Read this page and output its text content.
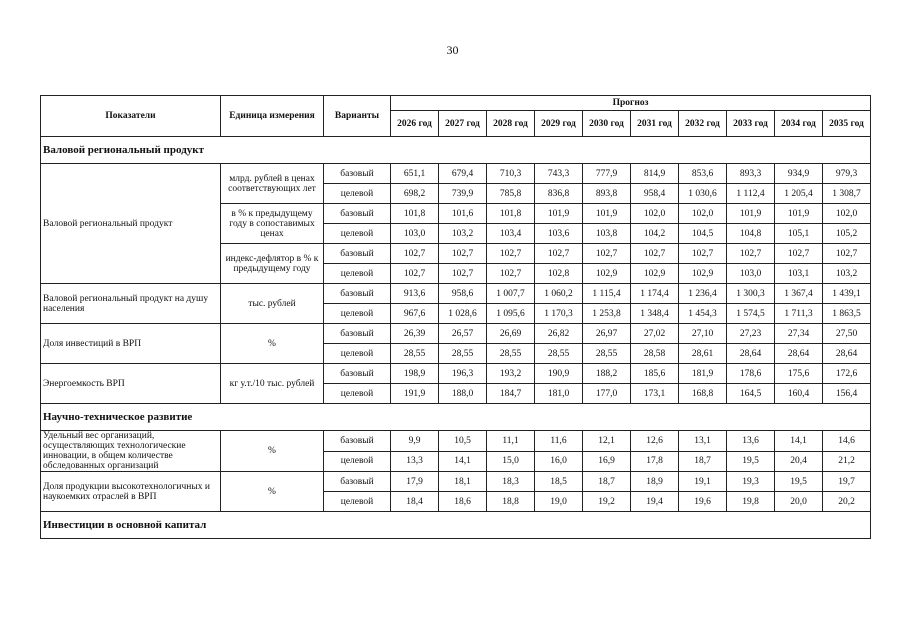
30
Показатели	Единица измерения	Варианты	Прогноз									
			2026 год	2027 год	2028 год	2029 год	2030 год	2031 год	2032 год	2033 год	2034 год	2035 год
Валовой региональный продукт												
Валовой региональный продукт	млрд. рублей в ценах соответствующих лет	базовый	651,1	679,4	710,3	743,3	777,9	814,9	853,6	893,3	934,9	979,3
		целевой	698,2	739,9	785,8	836,8	893,8	958,4	1 030,6	1 112,4	1 205,4	1 308,7
	в % к предыдущему году в сопоставимых ценах	базовый	101,8	101,6	101,8	101,9	101,9	102,0	102,0	101,9	101,9	102,0
		целевой	103,0	103,2	103,4	103,6	103,8	104,2	104,5	104,8	105,1	105,2
	индекс-дефлятор в % к предыдущему году	базовый	102,7	102,7	102,7	102,7	102,7	102,7	102,7	102,7	102,7	102,7
		целевой	102,7	102,7	102,7	102,8	102,9	102,9	102,9	103,0	103,1	103,2
Валовой региональный продукт на душу населения	тыс. рублей	базовый	913,6	958,6	1 007,7	1 060,2	1 115,4	1 174,4	1 236,4	1 300,3	1 367,4	1 439,1
		целевой	967,6	1 028,6	1 095,6	1 170,3	1 253,8	1 348,4	1 454,3	1 574,5	1 711,3	1 863,5
Доля инвестиций в ВРП	%	базовый	26,39	26,57	26,69	26,82	26,97	27,02	27,10	27,23	27,34	27,50
		целевой	28,55	28,55	28,55	28,55	28,55	28,58	28,61	28,64	28,64	28,64
Энергоемкость ВРП	кг у.т./10 тыс. рублей	базовый	198,9	196,3	193,2	190,9	188,2	185,6	181,9	178,6	175,6	172,6
		целевой	191,9	188,0	184,7	181,0	177,0	173,1	168,8	164,5	160,4	156,4
Научно-техническое развитие												
Удельный вес организаций, осуществляющих технологические инновации, в общем количестве обследованных организаций	%	базовый	9,9	10,5	11,1	11,6	12,1	12,6	13,1	13,6	14,1	14,6
		целевой	13,3	14,1	15,0	16,0	16,9	17,8	18,7	19,5	20,4	21,2
Доля продукции высокотехнологичных и наукоемких отраслей в ВРП	%	базовый	17,9	18,1	18,3	18,5	18,7	18,9	19,1	19,3	19,5	19,7
		целевой	18,4	18,6	18,8	19,0	19,2	19,4	19,6	19,8	20,0	20,2
Инвестиции в основной капитал												
